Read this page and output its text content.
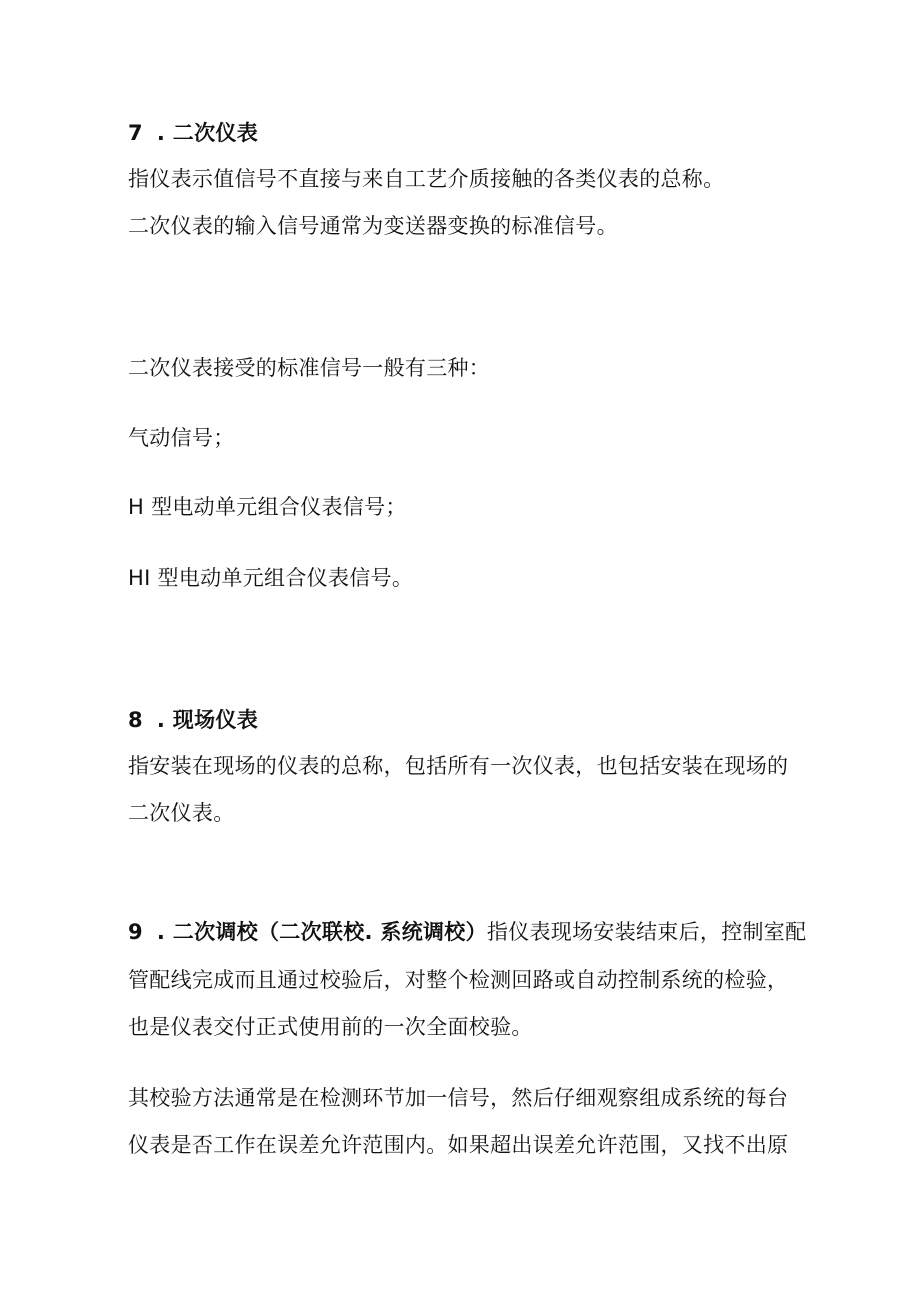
7 . 二次仪表
指仪表示值信号不直接与来自工艺介质接触的各类仪表的总称。
二次仪表的输入信号通常为变送器变换的标准信号。
二次仪表接受的标准信号一般有三种：
气动信号；
H 型电动单元组合仪表信号；
HI 型电动单元组合仪表信号。
8 . 现场仪表
指安装在现场的仪表的总称，包括所有一次仪表，也包括安装在现场的
二次仪表。
9 . 二次调校（二次联校. 系统调校）指仪表现场安装结束后，控制室配
管配线完成而且通过校验后，对整个检测回路或自动控制系统的检验，
也是仪表交付正式使用前的一次全面校验。
其校验方法通常是在检测环节加一信号，然后仔细观察组成系统的每台
仪表是否工作在误差允许范围内。如果超出误差允许范围，又找不出原
